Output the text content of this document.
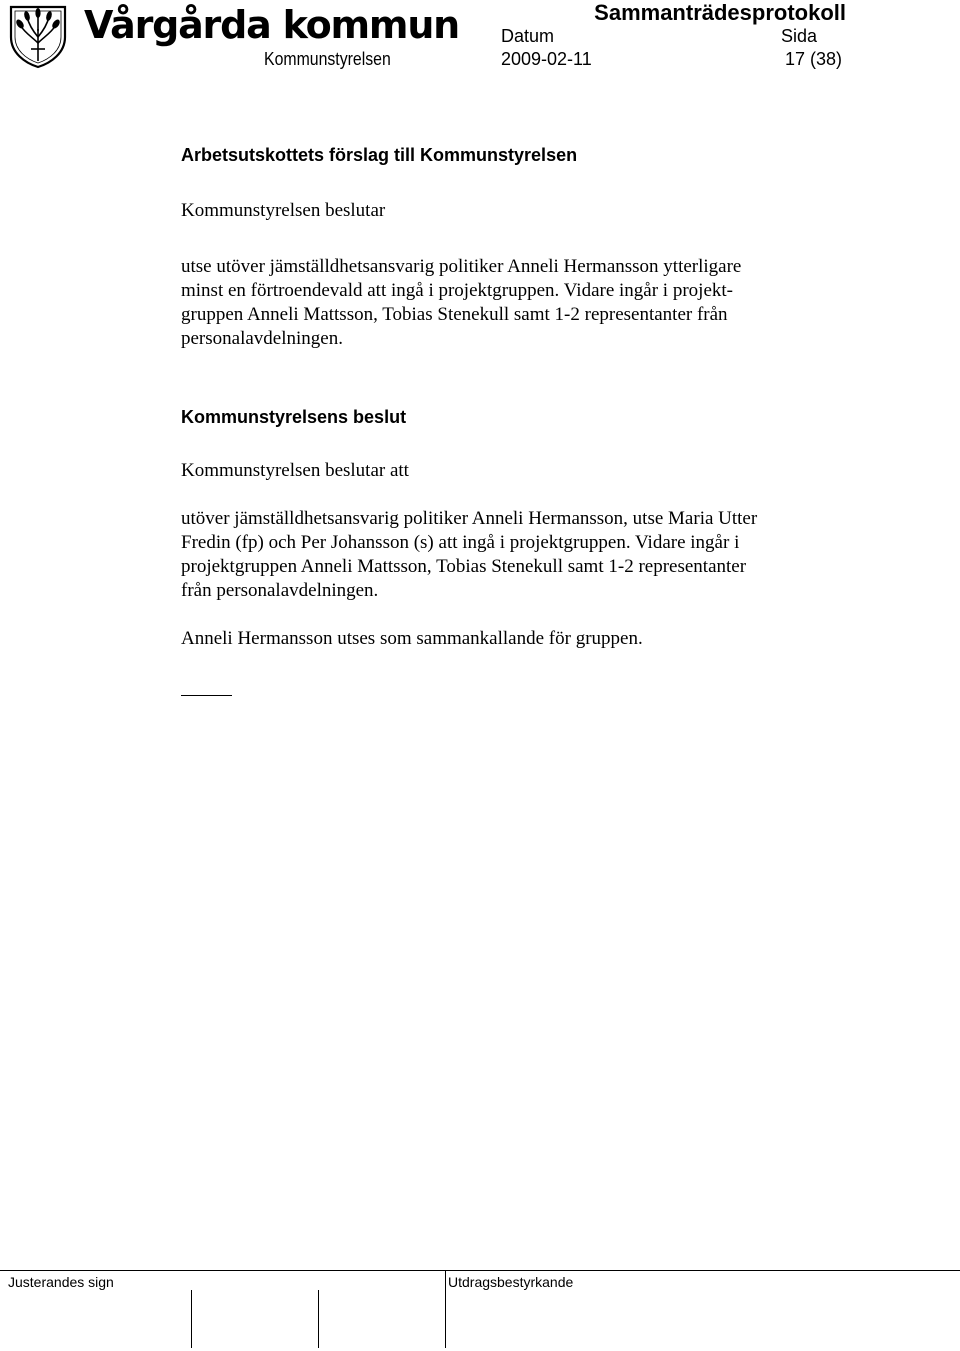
Vårgårda kommun
Kommunstyrelsen
Sammanträdesprotokoll
Datum	Sida
2009-02-11	17 (38)

Arbetsutskottets förslag till Kommunstyrelsen

Kommunstyrelsen beslutar

utse utöver jämställdhetsansvarig politiker Anneli Hermansson ytterligare

minst en förtroendevald att ingå i projektgruppen. Vidare ingår i projekt-

gruppen Anneli Mattsson, Tobias Stenekull samt 1-2 representanter från

personalavdelningen.

Kommunstyrelsens beslut

Kommunstyrelsen beslutar att

utöver jämställdhetsansvarig politiker Anneli Hermansson, utse Maria Utter

Fredin (fp) och Per Johansson (s) att ingå i projektgruppen. Vidare ingår i

projektgruppen Anneli Mattsson, Tobias Stenekull samt 1-2 representanter

från personalavdelningen.

Anneli Hermansson utses som sammankallande för gruppen.

Justerandes sign	Utdragsbestyrkande
